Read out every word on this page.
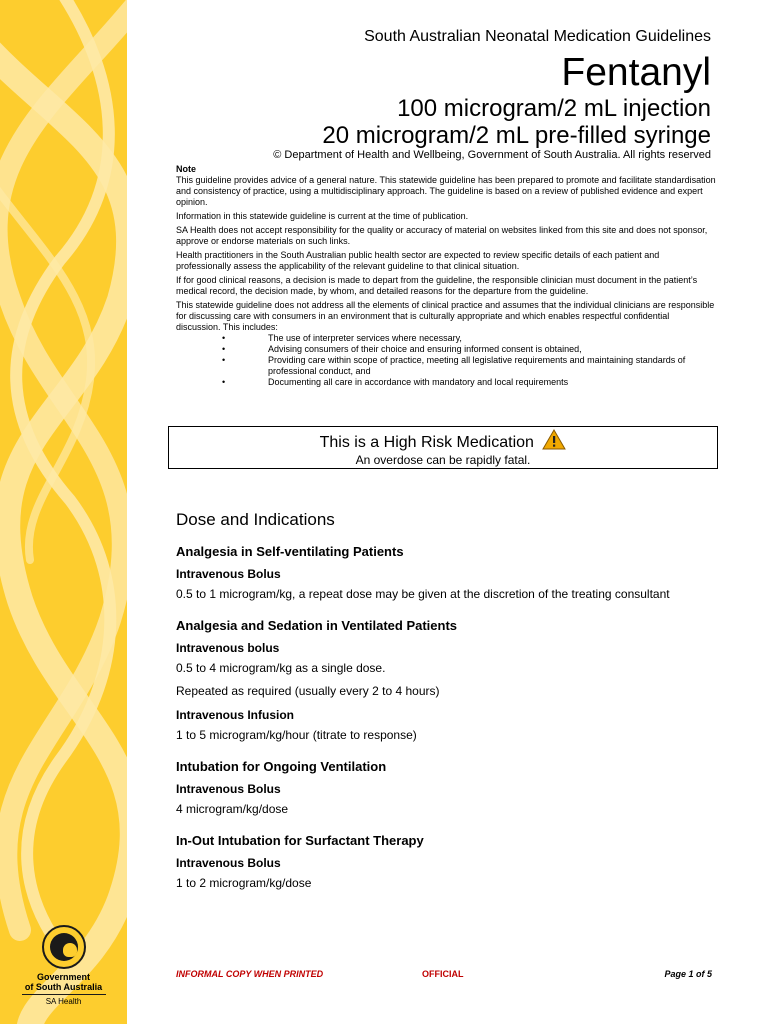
Government
of South Australia
SA Health
South Australian Neonatal Medication Guidelines
Fentanyl
100 microgram/2 mL injection
20 microgram/2 mL pre-filled syringe
© Department of Health and Wellbeing, Government of South Australia. All rights reserved
Note

This guideline provides advice of a general nature. This statewide guideline has been prepared to promote and facilitate standardisation and consistency of practice, using a multidisciplinary approach. The guideline is based on a review of published evidence and expert opinion.

Information in this statewide guideline is current at the time of publication.

SA Health does not accept responsibility for the quality or accuracy of material on websites linked from this site and does not sponsor, approve or endorse materials on such links.

Health practitioners in the South Australian public health sector are expected to review specific details of each patient and professionally assess the applicability of the relevant guideline to that clinical situation.

If for good clinical reasons, a decision is made to depart from the guideline, the responsible clinician must document in the patient’s medical record, the decision made, by whom, and detailed reasons for the departure from the guideline.

This statewide guideline does not address all the elements of clinical practice and assumes that the individual clinicians are responsible for discussing care with consumers in an environment that is culturally appropriate and which enables respectful confidential discussion. This includes:

•	The use of interpreter services where necessary,
•	Advising consumers of their choice and ensuring informed consent is obtained,
•	Providing care within scope of practice, meeting all legislative requirements and maintaining standards of professional conduct, and
•	Documenting all care in accordance with mandatory and local requirements
This is a High Risk Medication
An overdose can be rapidly fatal.
Dose and Indications
Analgesia in Self-ventilating Patients
Intravenous Bolus
0.5 to 1 microgram/kg, a repeat dose may be given at the discretion of the treating consultant
Analgesia and Sedation in Ventilated Patients
Intravenous bolus
0.5 to 4 microgram/kg as a single dose.
Repeated as required (usually every 2 to 4 hours)
Intravenous Infusion
1 to 5 microgram/kg/hour (titrate to response)
Intubation for Ongoing Ventilation
Intravenous Bolus
4 microgram/kg/dose
In-Out Intubation for Surfactant Therapy
Intravenous Bolus
1 to 2 microgram/kg/dose
INFORMAL COPY WHEN PRINTED	OFFICIAL	Page 1 of 5
